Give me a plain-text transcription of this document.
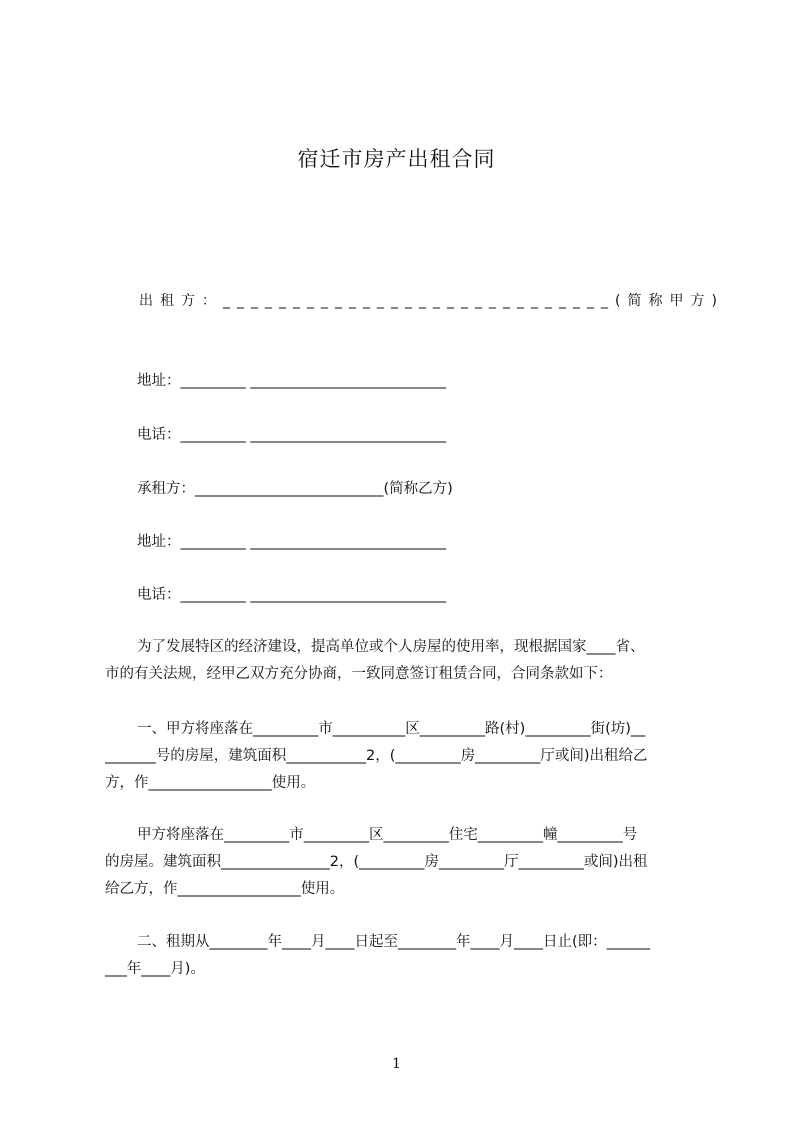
宿迁市房产出租合同
出租方：____________________________(简称甲方)
地址：_________ ___________________________
电话：_________ ___________________________
承租方：__________________________(简称乙方)
地址：_________ ___________________________
电话：_________ ___________________________

为了发展特区的经济建设，提高单位或个人房屋的使用率，现根据国家____省、

市的有关法规，经甲乙双方充分协商，一致同意签订租赁合同，合同条款如下：

一、甲方将座落在_________市__________区_________路(村)_________街(坊)__

_______号的房屋，建筑面积___________2，(_________房_________厅或间)出租给乙

方，作_________________使用。

甲方将座落在_________市_________区_________住宅_________幢_________号

的房屋。建筑面积_______________2，(_________房_________厅_________或间)出租

给乙方，作_________________使用。

二、租期从________年____月____日起至________年____月____日止(即：______

___年____月)。

1
